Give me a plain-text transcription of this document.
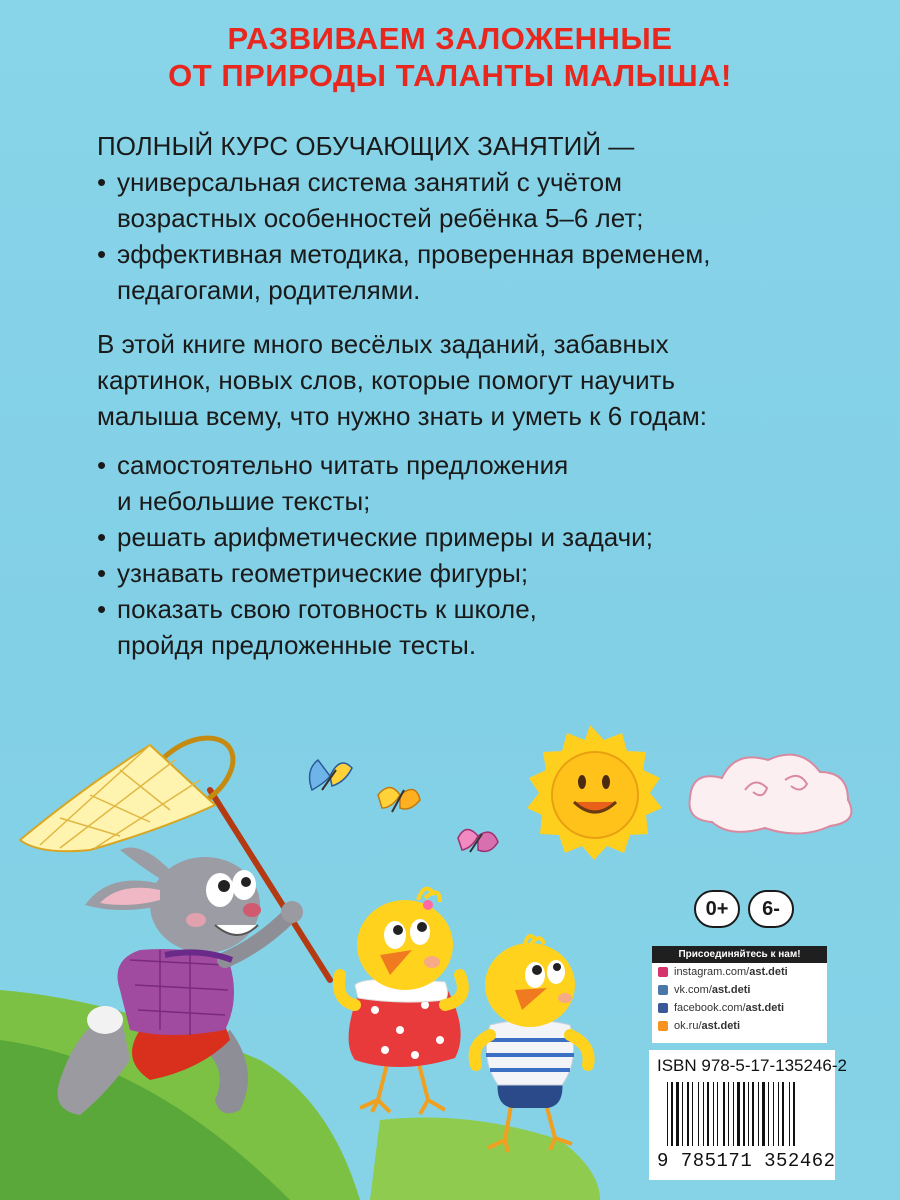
РАЗВИВАЕМ ЗАЛОЖЕННЫЕ
ОТ ПРИРОДЫ ТАЛАНТЫ МАЛЫША!
ПОЛНЫЙ КУРС ОБУЧАЮЩИХ ЗАНЯТИЙ —
• универсальная система занятий с учётом
возрастных особенностей ребёнка 5–6 лет;
• эффективная методика, проверенная временем,
педагогами, родителями.
В этой книге много весёлых заданий, забавных
картинок, новых слов, которые помогут научить
малыша всему, что нужно знать и уметь к 6 годам:
• самостоятельно читать предложения
и небольшие тексты;
• решать арифметические примеры и задачи;
• узнавать геометрические фигуры;
• показать свою готовность к школе,
пройдя предложенные тесты.
0+	6-
Присоединяйтесь к нам!
instagram.com/ ast.deti
vk.com/ ast.deti
facebook.com/ ast.deti
ok.ru/ ast.deti
ISBN 978-5-17-135246-2
9 785171 352462
